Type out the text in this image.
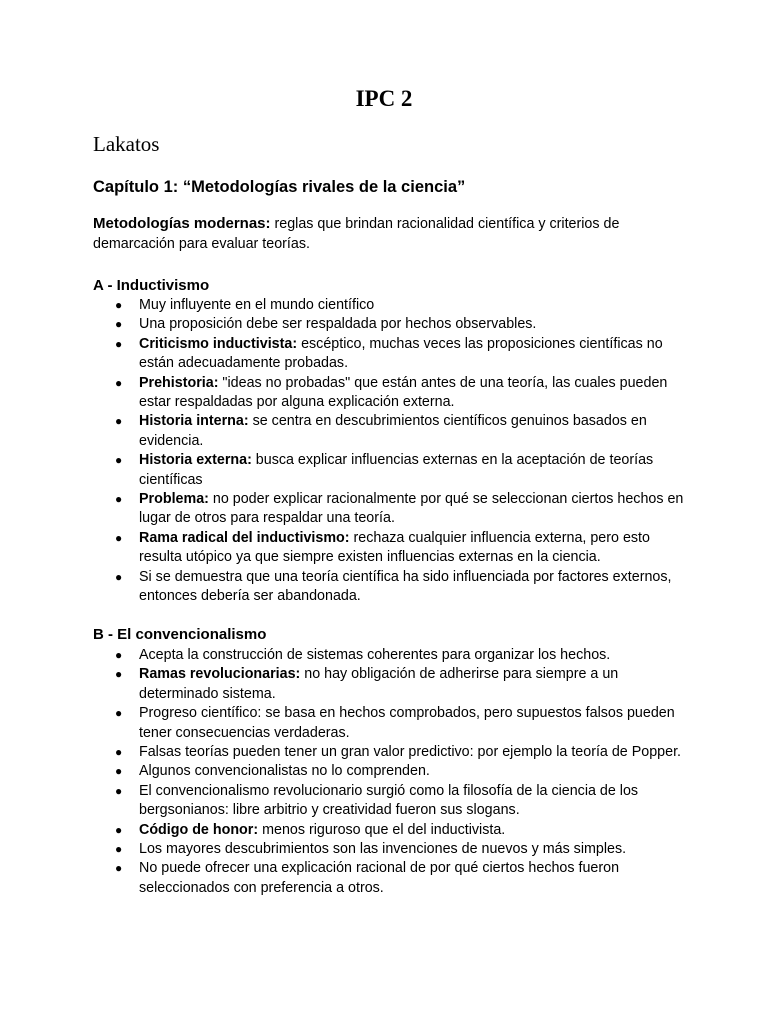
IPC 2
Lakatos
Capítulo 1: “Metodologías rivales de la ciencia”

Metodologías modernas: reglas que brindan racionalidad científica y criterios de demarcación para evaluar teorías.

A - Inductivismo
● Muy influyente en el mundo científico
● Una proposición debe ser respaldada por hechos observables.
● Criticismo inductivista: escéptico, muchas veces las proposiciones científicas no están adecuadamente probadas.
● Prehistoria: "ideas no probadas" que están antes de una teoría, las cuales pueden estar respaldadas por alguna explicación externa.
● Historia interna: se centra en descubrimientos científicos genuinos basados en evidencia.
● Historia externa: busca explicar influencias externas en la aceptación de teorías científicas
● Problema: no poder explicar racionalmente por qué se seleccionan ciertos hechos en lugar de otros para respaldar una teoría.
● Rama radical del inductivismo: rechaza cualquier influencia externa, pero esto resulta utópico ya que siempre existen influencias externas en la ciencia.
● Si se demuestra que una teoría científica ha sido influenciada por factores externos, entonces debería ser abandonada.
B - El convencionalismo
● Acepta la construcción de sistemas coherentes para organizar los hechos.
● Ramas revolucionarias: no hay obligación de adherirse para siempre a un determinado sistema.
● Progreso científico: se basa en hechos comprobados, pero supuestos falsos pueden tener consecuencias verdaderas.
● Falsas teorías pueden tener un gran valor predictivo: por ejemplo la teoría de Popper.
● Algunos convencionalistas no lo comprenden.
● El convencionalismo revolucionario surgió como la filosofía de la ciencia de los bergsonianos: libre arbitrio y creatividad fueron sus slogans.
● Código de honor: menos riguroso que el del inductivista.
● Los mayores descubrimientos son las invenciones de nuevos y más simples.
● No puede ofrecer una explicación racional de por qué ciertos hechos fueron seleccionados con preferencia a otros.
